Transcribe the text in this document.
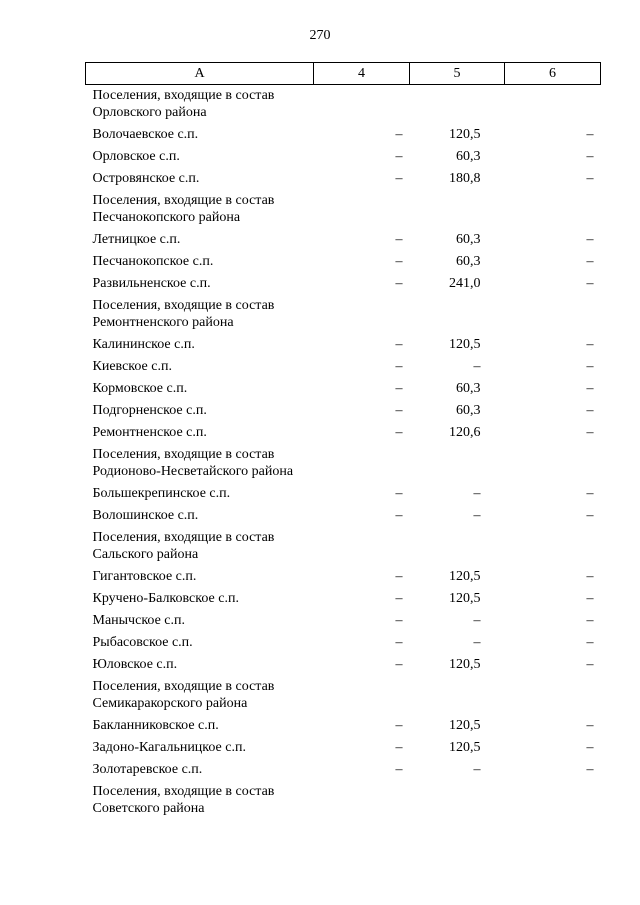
270
А	4	5	6
Поселения, входящие в состав Орловского района			
Волочаевское с.п.	–	120,5	–
Орловское с.п.	–	60,3	–
Островянское с.п.	–	180,8	–
Поселения, входящие в состав Песчанокопского района			
Летницкое с.п.	–	60,3	–
Песчанокопское с.п.	–	60,3	–
Развильненское с.п.	–	241,0	–
Поселения, входящие в состав Ремонтненского района			
Калининское с.п.	–	120,5	–
Киевское с.п.	–	–	–
Кормовское с.п.	–	60,3	–
Подгорненское с.п.	–	60,3	–
Ремонтненское с.п.	–	120,6	–
Поселения, входящие в состав Родионово-Несветайского района			
Большекрепинское с.п.	–	–	–
Волошинское с.п.	–	–	–
Поселения, входящие в состав Сальского района			
Гигантовское с.п.	–	120,5	–
Кручено-Балковское с.п.	–	120,5	–
Манычское с.п.	–	–	–
Рыбасовское с.п.	–	–	–
Юловское с.п.	–	120,5	–
Поселения, входящие в состав Семикаракорского района			
Бакланниковское с.п.	–	120,5	–
Задоно-Кагальницкое с.п.	–	120,5	–
Золотаревское с.п.	–	–	–
Поселения, входящие в состав Советского района			
